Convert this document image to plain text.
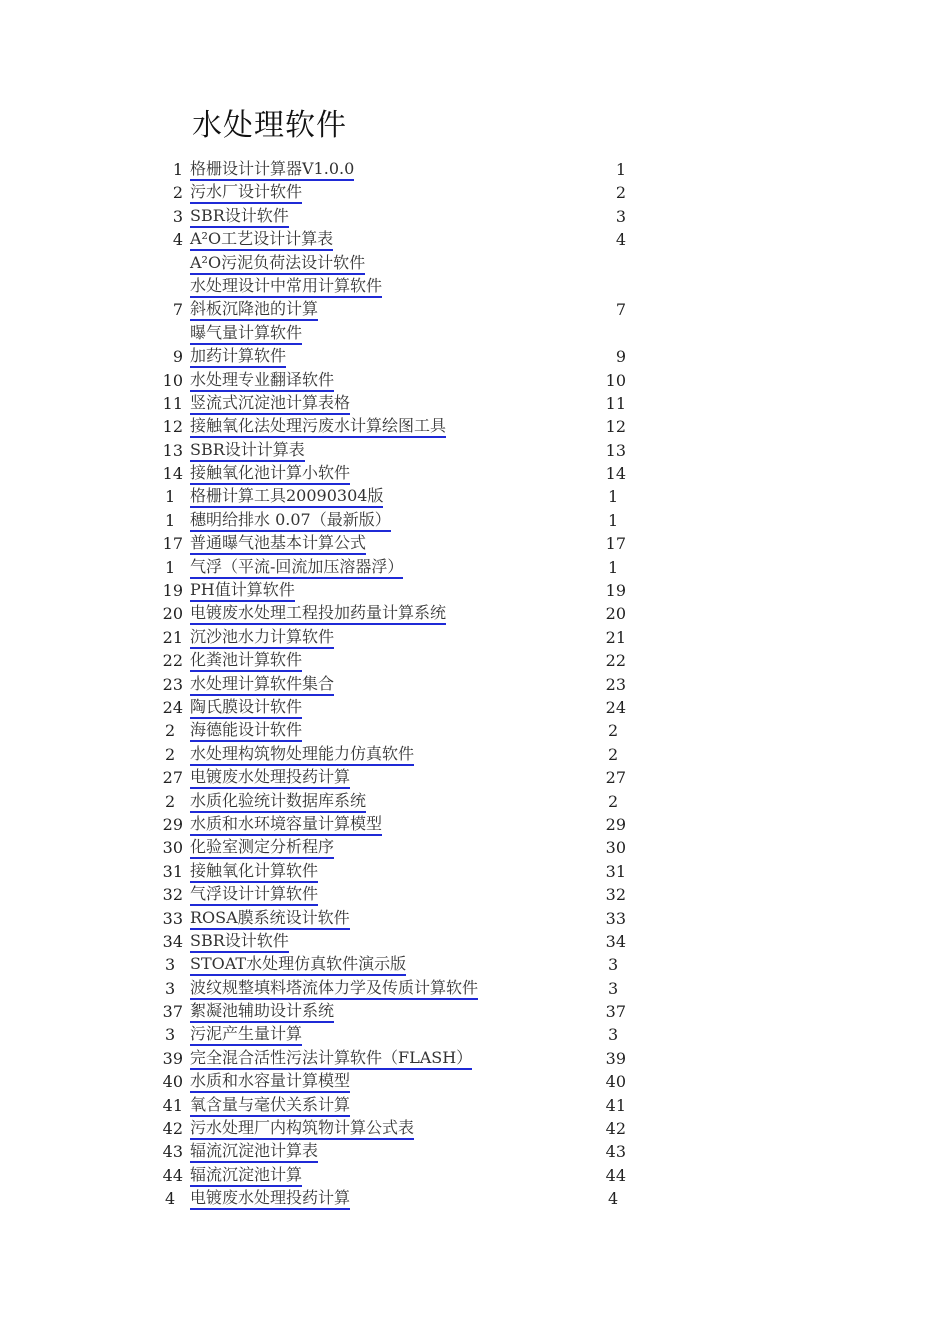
水处理软件
1 格栅设计计算器V1.0.0	1
2 污水厂设计软件	2
3 SBR设计软件	3
4 A²O工艺设计计算表	4
A²O污泥负荷法设计软件
水处理设计中常用计算软件
7 斜板沉降池的计算	7
曝气量计算软件
9 加药计算软件	9
10 水处理专业翻译软件	10
11 竖流式沉淀池计算表格	11
12 接触氧化法处理污废水计算绘图工具	12
13 SBR设计计算表	13
14 接触氧化池计算小软件	14
1 格栅计算工具20090304版	1
1 穗明给排水 0.07（最新版）	1
17 普通曝气池基本计算公式	17
1 气浮（平流-回流加压溶器浮）	1
19 PH值计算软件	19
20 电镀废水处理工程投加药量计算系统	20
21 沉沙池水力计算软件	21
22 化粪池计算软件	22
23 水处理计算软件集合	23
24 陶氏膜设计软件	24
2 海德能设计软件	2
2 水处理构筑物处理能力仿真软件	2
27 电镀废水处理投药计算	27
2 水质化验统计数据库系统	2
29 水质和水环境容量计算模型	29
30 化验室测定分析程序	30
31 接触氧化计算软件	31
32 气浮设计计算软件	32
33 ROSA膜系统设计软件	33
34 SBR设计软件	34
3 STOAT水处理仿真软件演示版	3
3 波纹规整填料塔流体力学及传质计算软件	3
37 絮凝池辅助设计系统	37
3 污泥产生量计算	3
39 完全混合活性污法计算软件（FLASH）	39
40 水质和水容量计算模型	40
41 氧含量与毫伏关系计算	41
42 污水处理厂内构筑物计算公式表	42
43 辐流沉淀池计算表	43
44 辐流沉淀池计算	44
4 电镀废水处理投药计算	4
